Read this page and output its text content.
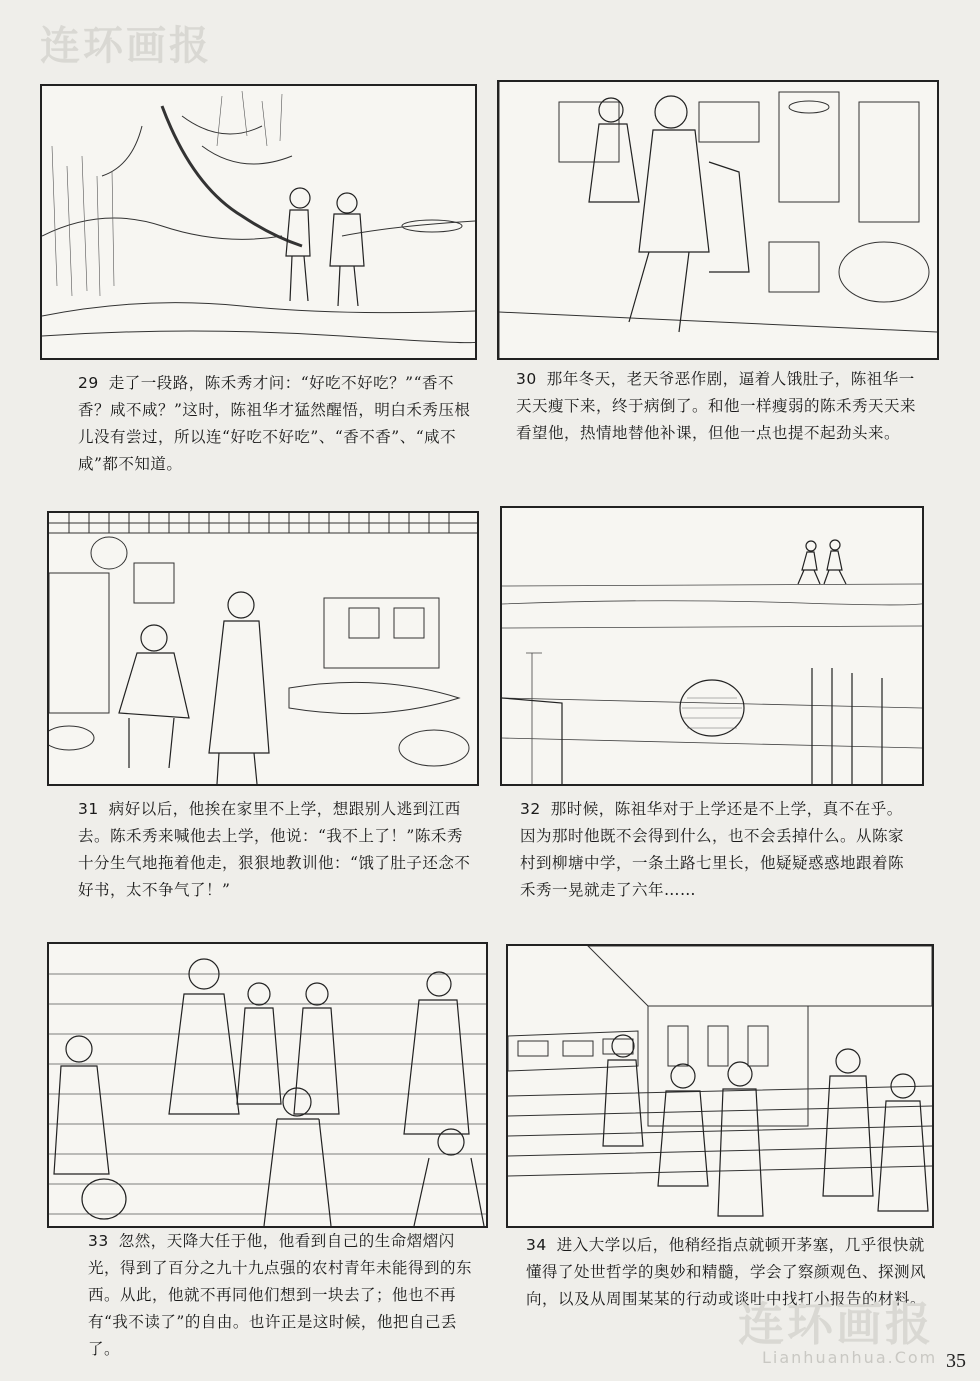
连环画报
29 走了一段路，陈禾秀才问：“好吃不好吃？”“香不香？咸不咸？”这时，陈祖华才猛然醒悟，明白禾秀压根儿没有尝过，所以连“好吃不好吃”、“香不香”、“咸不咸”都不知道。
30 那年冬天，老天爷恶作剧，逼着人饿肚子，陈祖华一天天瘦下来，终于病倒了。和他一样瘦弱的陈禾秀天天来看望他，热情地替他补课，但他一点也提不起劲头来。
31 病好以后，他挨在家里不上学，想跟别人逃到江西去。陈禾秀来喊他去上学，他说：“我不上了！”陈禾秀十分生气地拖着他走，狠狠地教训他：“饿了肚子还念不好书，太不争气了！”
32 那时候，陈祖华对于上学还是不上学，真不在乎。因为那时他既不会得到什么，也不会丢掉什么。从陈家村到柳塘中学，一条土路七里长，他疑疑惑惑地跟着陈禾秀一晃就走了六年……
33 忽然，天降大任于他，他看到自己的生命熠熠闪光，得到了百分之九十九点强的农村青年未能得到的东西。从此，他就不再同他们想到一块去了；他也不再有“我不读了”的自由。也许正是这时候，他把自己丢了。
34 进入大学以后，他稍经指点就顿开茅塞，几乎很快就懂得了处世哲学的奥妙和精髓，学会了察颜观色、探测风向，以及从周围某某的行动或谈吐中找打小报告的材料。
连环画报
Lianhuanhua.Com 35
